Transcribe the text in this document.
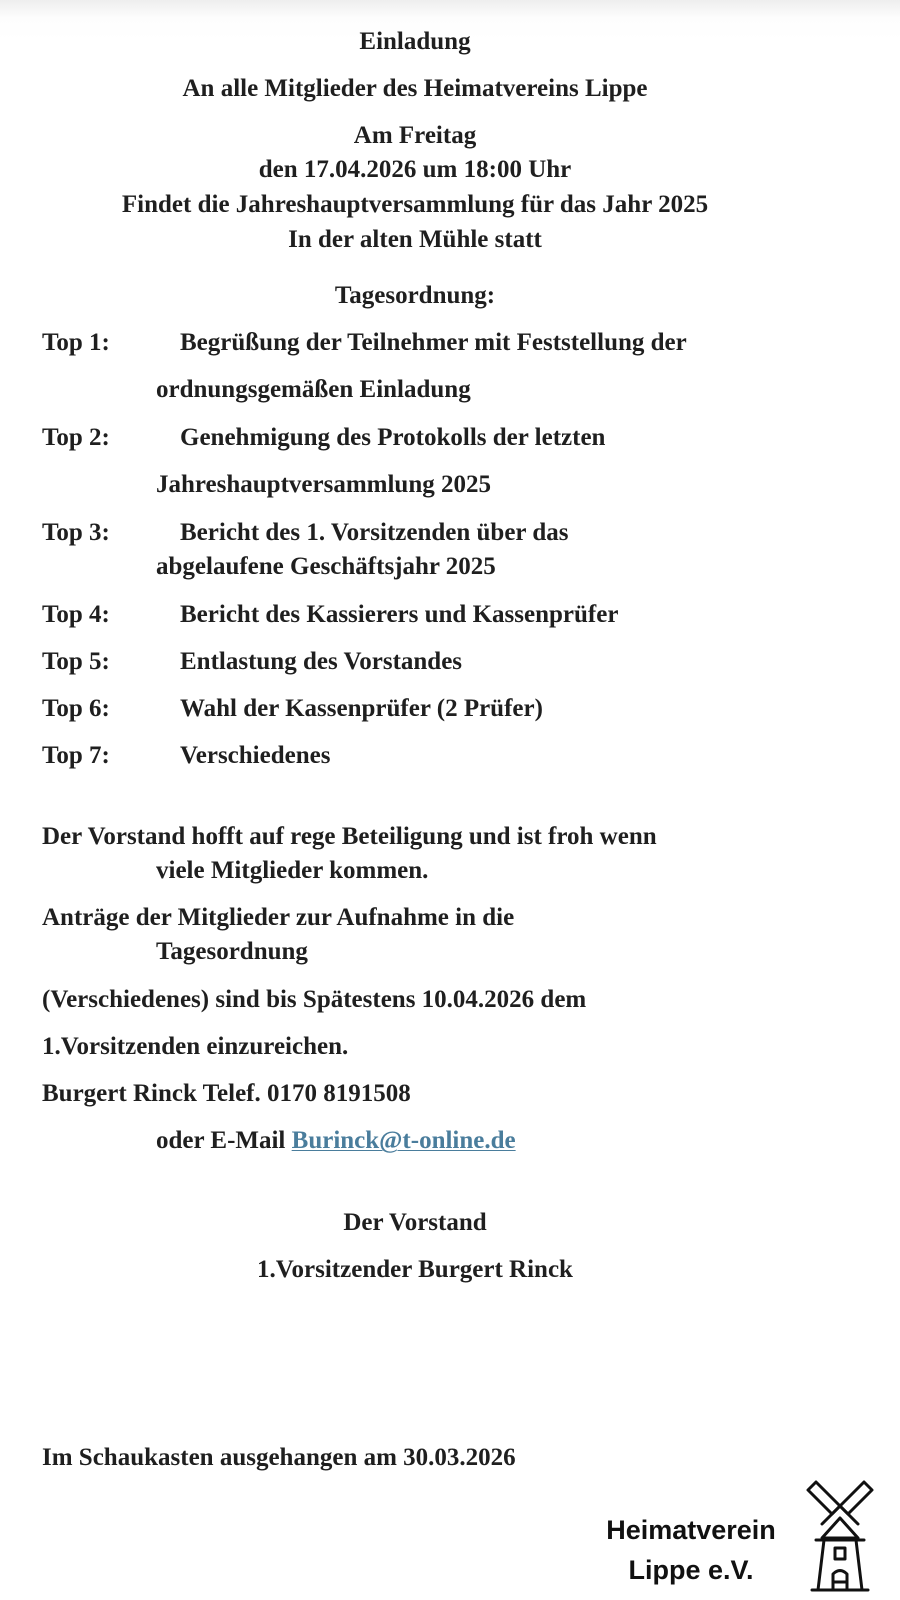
Einladung
An alle Mitglieder des Heimatvereins Lippe
Am Freitag
den 17.04.2026 um 18:00 Uhr
Findet die Jahreshauptversammlung für das Jahr 2025
In der alten Mühle statt
Tagesordnung:
Top 1:	Begrüßung der Teilnehmer mit Feststellung der
ordnungsgemäßen Einladung
Top 2:	Genehmigung des Protokolls der letzten
Jahreshauptversammlung 2025
Top 3:	Bericht des 1. Vorsitzenden über das
abgelaufene Geschäftsjahr 2025
Top 4:	Bericht des Kassierers und Kassenprüfer
Top 5:	Entlastung des Vorstandes
Top 6:	Wahl der Kassenprüfer (2 Prüfer)
Top 7:	Verschiedenes
Der Vorstand hofft auf rege Beteiligung und ist froh wenn
viele Mitglieder kommen.
Anträge der Mitglieder zur Aufnahme in die
Tagesordnung
(Verschiedenes) sind bis Spätestens 10.04.2026 dem
1.Vorsitzenden einzureichen.
Burgert Rinck Telef. 0170 8191508
oder E-Mail Burinck@t-online.de
Der Vorstand
1.Vorsitzender Burgert Rinck
Im Schaukasten ausgehangen am 30.03.2026
Heimatverein
Lippe e.V.
